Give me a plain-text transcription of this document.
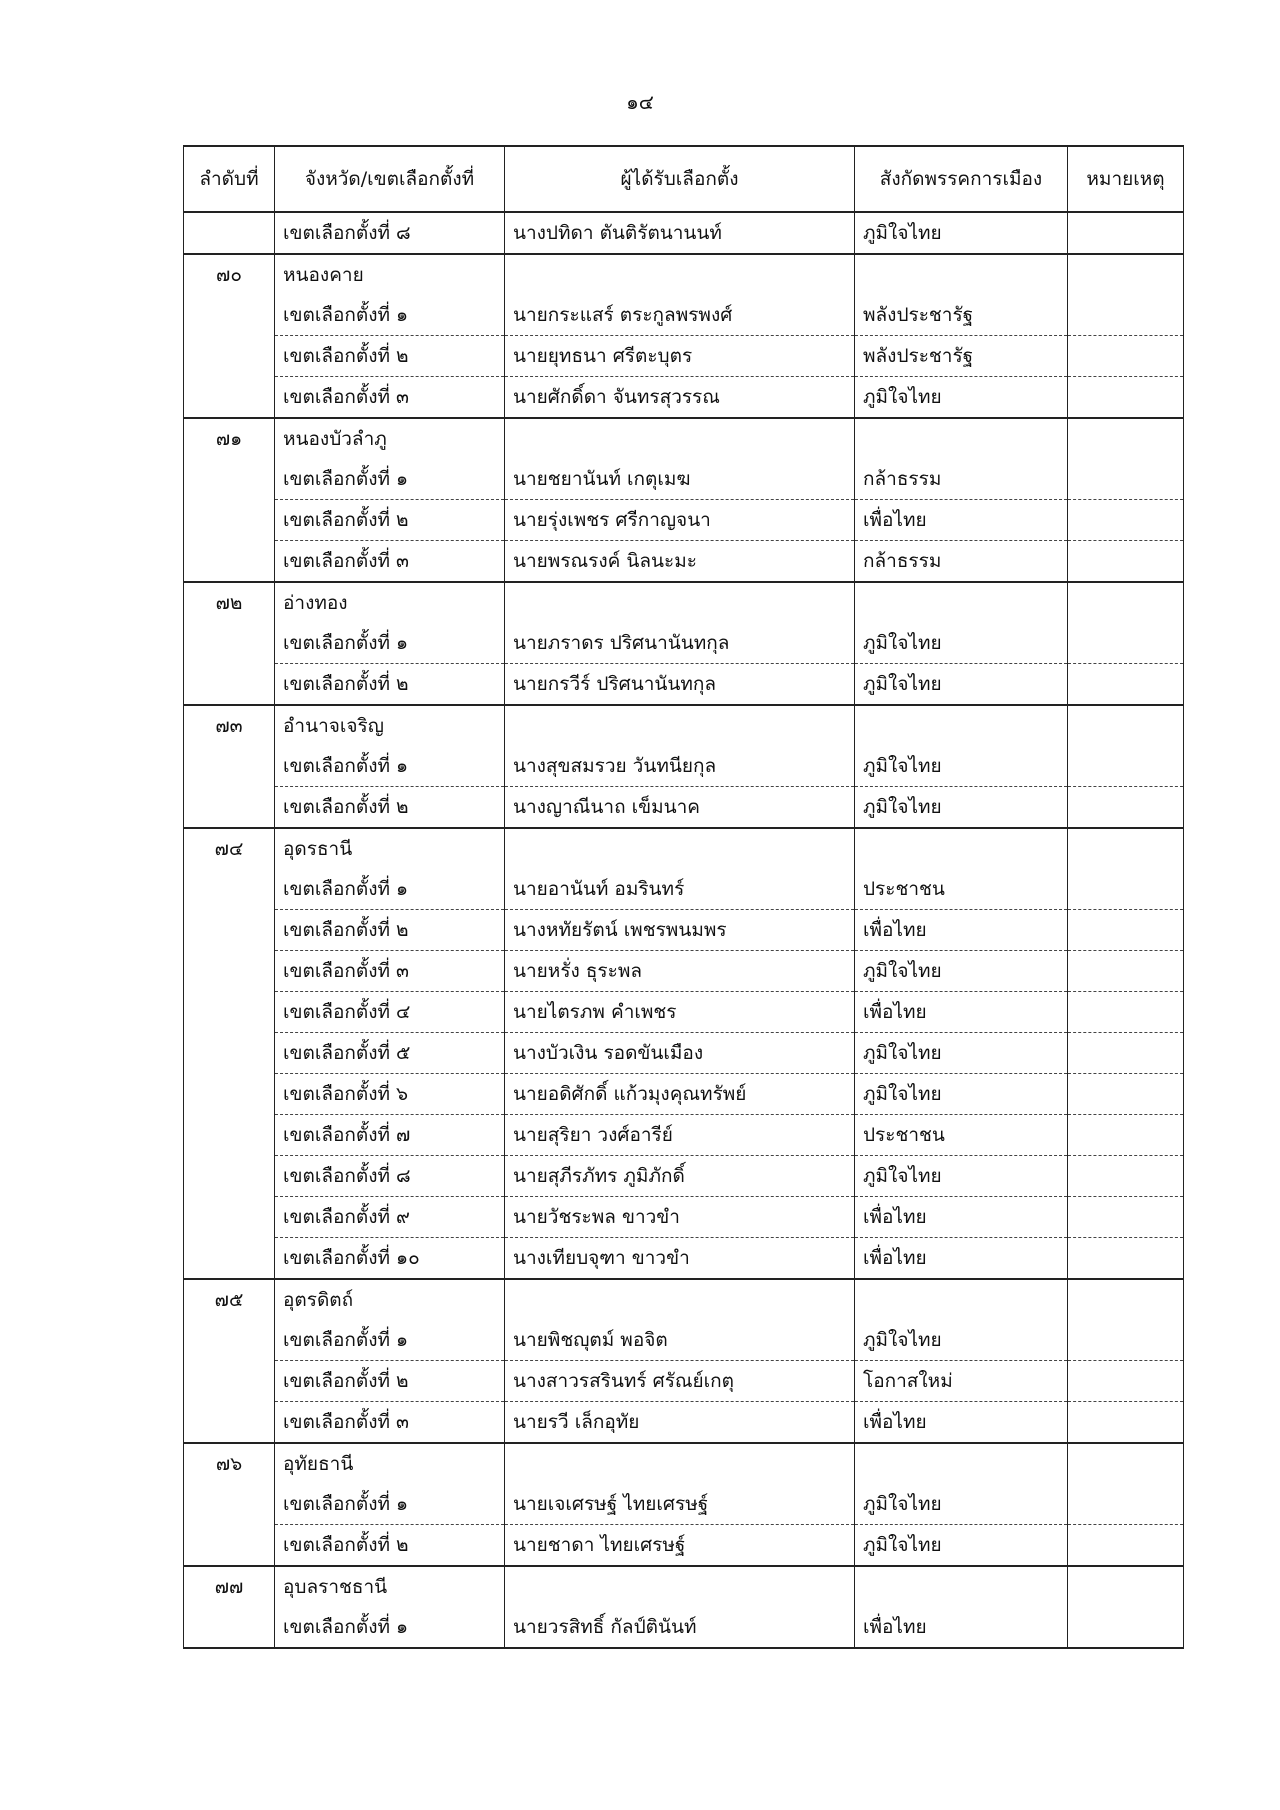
๑๔
ลำดับที่	จังหวัด/เขตเลือกตั้งที่	ผู้ได้รับเลือกตั้ง	สังกัดพรรคการเมือง	หมายเหตุ
	เขตเลือกตั้งที่ ๘	นางปทิดา ตันติรัตนานนท์	ภูมิใจไทย	
๗๐	หนองคาย			
	เขตเลือกตั้งที่ ๑	นายกระแสร์ ตระกูลพรพงศ์	พลังประชารัฐ	
	เขตเลือกตั้งที่ ๒	นายยุทธนา ศรีตะบุตร	พลังประชารัฐ	
	เขตเลือกตั้งที่ ๓	นายศักดิ์ดา จันทรสุวรรณ	ภูมิใจไทย	
๗๑	หนองบัวลำภู			
	เขตเลือกตั้งที่ ๑	นายชยานันท์ เกตุเมฆ	กล้าธรรม	
	เขตเลือกตั้งที่ ๒	นายรุ่งเพชร ศรีกาญจนา	เพื่อไทย	
	เขตเลือกตั้งที่ ๓	นายพรณรงค์ นิลนะมะ	กล้าธรรม	
๗๒	อ่างทอง			
	เขตเลือกตั้งที่ ๑	นายภราดร ปริศนานันทกุล	ภูมิใจไทย	
	เขตเลือกตั้งที่ ๒	นายกรวีร์ ปริศนานันทกุล	ภูมิใจไทย	
๗๓	อำนาจเจริญ			
	เขตเลือกตั้งที่ ๑	นางสุขสมรวย วันทนียกุล	ภูมิใจไทย	
	เขตเลือกตั้งที่ ๒	นางญาณีนาถ เข็มนาค	ภูมิใจไทย	
๗๔	อุดรธานี			
	เขตเลือกตั้งที่ ๑	นายอานันท์ อมรินทร์	ประชาชน	
	เขตเลือกตั้งที่ ๒	นางหทัยรัตน์ เพชรพนมพร	เพื่อไทย	
	เขตเลือกตั้งที่ ๓	นายหรั่ง ธุระพล	ภูมิใจไทย	
	เขตเลือกตั้งที่ ๔	นายไตรภพ คำเพชร	เพื่อไทย	
	เขตเลือกตั้งที่ ๕	นางบัวเงิน รอดขันเมือง	ภูมิใจไทย	
	เขตเลือกตั้งที่ ๖	นายอดิศักดิ์ แก้วมุงคุณทรัพย์	ภูมิใจไทย	
	เขตเลือกตั้งที่ ๗	นายสุริยา วงศ์อารีย์	ประชาชน	
	เขตเลือกตั้งที่ ๘	นายสุภีรภัทร ภูมิภักดิ์	ภูมิใจไทย	
	เขตเลือกตั้งที่ ๙	นายวัชระพล ขาวขำ	เพื่อไทย	
	เขตเลือกตั้งที่ ๑๐	นางเทียบจุฑา ขาวขำ	เพื่อไทย	
๗๕	อุตรดิตถ์			
	เขตเลือกตั้งที่ ๑	นายพิชญุตม์ พอจิต	ภูมิใจไทย	
	เขตเลือกตั้งที่ ๒	นางสาวรสรินทร์ ศรัณย์เกตุ	โอกาสใหม่	
	เขตเลือกตั้งที่ ๓	นายรวี เล็กอุทัย	เพื่อไทย	
๗๖	อุทัยธานี			
	เขตเลือกตั้งที่ ๑	นายเจเศรษฐ์ ไทยเศรษฐ์	ภูมิใจไทย	
	เขตเลือกตั้งที่ ๒	นายชาดา ไทยเศรษฐ์	ภูมิใจไทย	
๗๗	อุบลราชธานี			
	เขตเลือกตั้งที่ ๑	นายวรสิทธิ์ กัลป์ตินันท์	เพื่อไทย	
